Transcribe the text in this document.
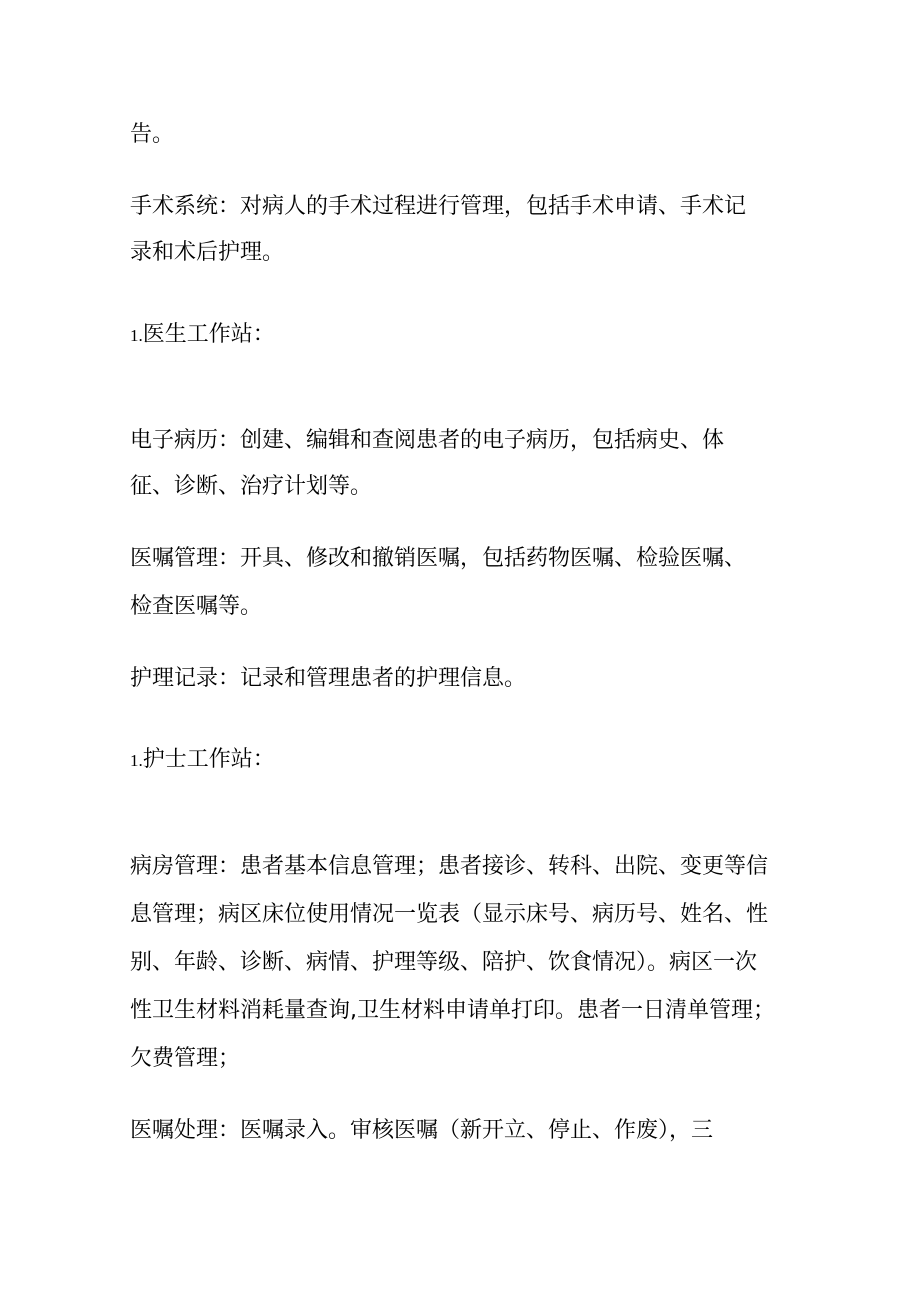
告。
手术系统：对病人的手术过程进行管理，包括手术申请、手术记
录和术后护理。
1.医生工作站：
电子病历：创建、编辑和查阅患者的电子病历，包括病史、体
征、诊断、治疗计划等。
医嘱管理：开具、修改和撤销医嘱，包括药物医嘱、检验医嘱、
检查医嘱等。
护理记录：记录和管理患者的护理信息。
1.护士工作站：
病房管理：患者基本信息管理；患者接诊、转科、出院、变更等信
息管理；病区床位使用情况一览表（显示床号、病历号、姓名、性
别、年龄、诊断、病情、护理等级、陪护、饮食情况）。病区一次
性卫生材料消耗量查询,卫生材料申请单打印。患者一日清单管理；
欠费管理；
医嘱处理：医嘱录入。审核医嘱（新开立、停止、作废），三
